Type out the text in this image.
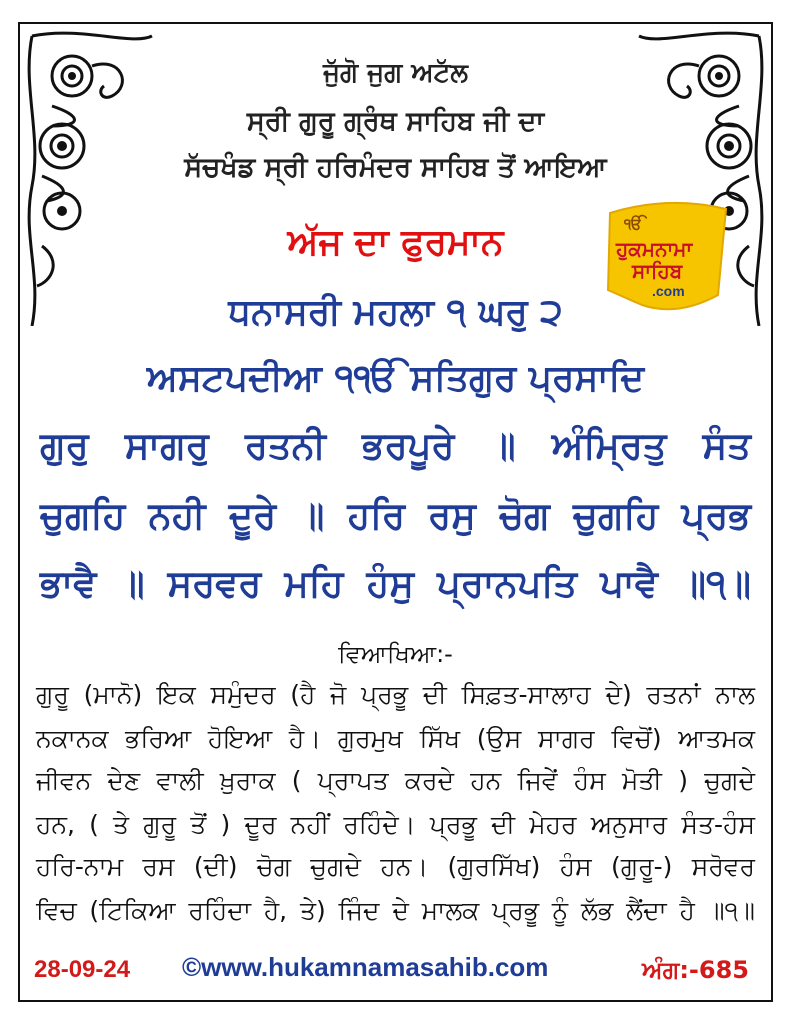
ਜੁੱਗੋ ਜੁਗ ਅਟੱਲ
ਸ੍ਰੀ ਗੁਰੂ ਗ੍ਰੰਥ ਸਾਹਿਬ ਜੀ ਦਾ
ਸੱਚਖੰਡ ਸ੍ਰੀ ਹਰਿਮੰਦਰ ਸਾਹਿਬ ਤੋਂ ਆਇਆ
ਅੱਜ ਦਾ ਫੁਰਮਾਨ	ੴ
ਹੁਕਮਨਾਮਾ
ਸਾਹਿਬ
.com
ਧਨਾਸਰੀ ਮਹਲਾ ੧ ਘਰੁ ੨
ਅਸਟਪਦੀਆ ੧ੴ ਸਤਿਗੁਰ ਪ੍ਰਸਾਦਿ
ਗੁਰੁ ਸਾਗਰੁ ਰਤਨੀ ਭਰਪੂਰੇ ॥ ਅੰਮ੍ਰਿਤੁ ਸੰਤ
ਚੁਗਹਿ ਨਹੀ ਦੂਰੇ ॥ ਹਰਿ ਰਸੁ ਚੋਗ ਚੁਗਹਿ ਪ੍ਰਭ
ਭਾਵੈ ॥ ਸਰਵਰ ਮਹਿ ਹੰਸੁ ਪ੍ਰਾਨਪਤਿ ਪਾਵੈ ॥੧॥
ਵਿਆਖਿਆ:-
ਗੁਰੂ (ਮਾਨੋ) ਇਕ ਸਮੁੰਦਰ (ਹੈ ਜੋ ਪ੍ਰਭੂ ਦੀ ਸਿਫ਼ਤ-ਸਾਲਾਹ ਦੇ) ਰਤਨਾਂ ਨਾਲ
ਨਕਾਨਕ ਭਰਿਆ ਹੋਇਆ ਹੈ। ਗੁਰਮੁਖ ਸਿੱਖ (ਉਸ ਸਾਗਰ ਵਿਚੋਂ) ਆਤਮਕ
ਜੀਵਨ ਦੇਣ ਵਾਲੀ ਖ਼ੁਰਾਕ ( ਪ੍ਰਾਪਤ ਕਰਦੇ ਹਨ ਜਿਵੇਂ ਹੰਸ ਮੋਤੀ ) ਚੁਗਦੇ
ਹਨ, ( ਤੇ ਗੁਰੂ ਤੋਂ ) ਦੂਰ ਨਹੀਂ ਰਹਿੰਦੇ। ਪ੍ਰਭੂ ਦੀ ਮੇਹਰ ਅਨੁਸਾਰ ਸੰਤ-ਹੰਸ
ਹਰਿ-ਨਾਮ ਰਸ (ਦੀ) ਚੋਗ ਚੁਗਦੇ ਹਨ। (ਗੁਰਸਿੱਖ) ਹੰਸ (ਗੁਰੂ-) ਸਰੋਵਰ
ਵਿਚ (ਟਿਕਿਆ ਰਹਿੰਦਾ ਹੈ, ਤੇ) ਜਿੰਦ ਦੇ ਮਾਲਕ ਪ੍ਰਭੂ ਨੂੰ ਲੱਭ ਲੈਂਦਾ ਹੈ ॥੧॥
28-09-24 ©www.hukamnamasahib.com	ਅੰਗ:-685
